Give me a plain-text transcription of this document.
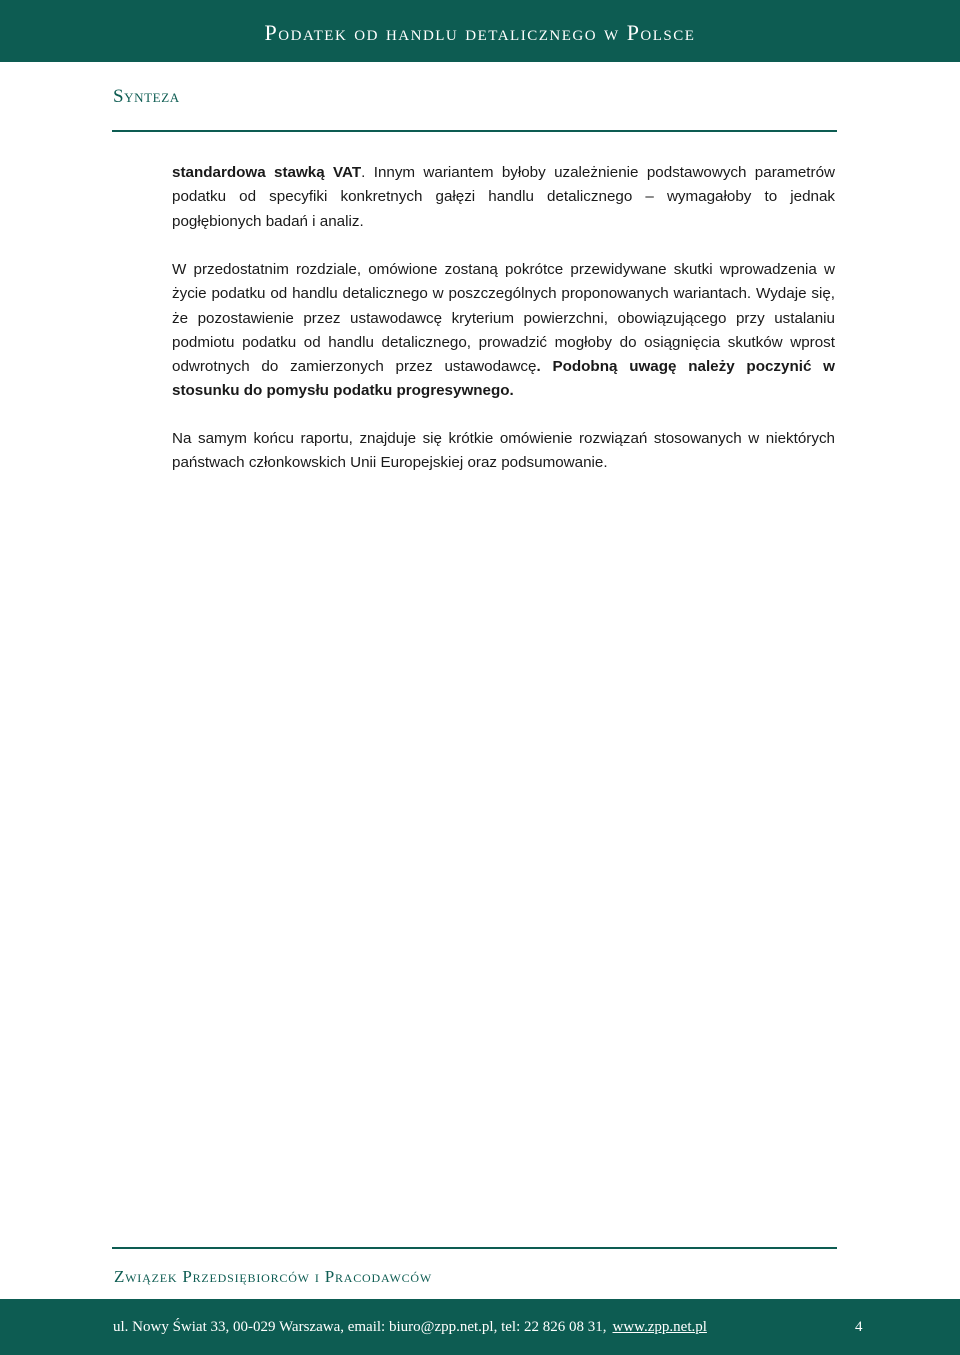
Podatek od handlu detalicznego w Polsce
Synteza

standardowa stawką VAT. Innym wariantem byłoby uzależnienie podstawowych parametrów podatku od specyfiki konkretnych gałęzi handlu detalicznego – wymagałoby to jednak pogłębionych badań i analiz.

W przedostatnim rozdziale, omówione zostaną pokrótce przewidywane skutki wprowadzenia w życie podatku od handlu detalicznego w poszczególnych proponowanych wariantach. Wydaje się, że pozostawienie przez ustawodawcę kryterium powierzchni, obowiązującego przy ustalaniu podmiotu podatku od handlu detalicznego, prowadzić mogłoby do osiągnięcia skutków wprost odwrotnych do zamierzonych przez ustawodawcę. Podobną uwagę należy poczynić w stosunku do pomysłu podatku progresywnego.

Na samym końcu raportu, znajduje się krótkie omówienie rozwiązań stosowanych w niektórych państwach członkowskich Unii Europejskiej oraz podsumowanie.

Związek Przedsiębiorców i Pracodawców
ul. Nowy Świat 33, 00-029 Warszawa, email: biuro@zpp.net.pl, tel: 22 826 08 31, www.zpp.net.pl	4
